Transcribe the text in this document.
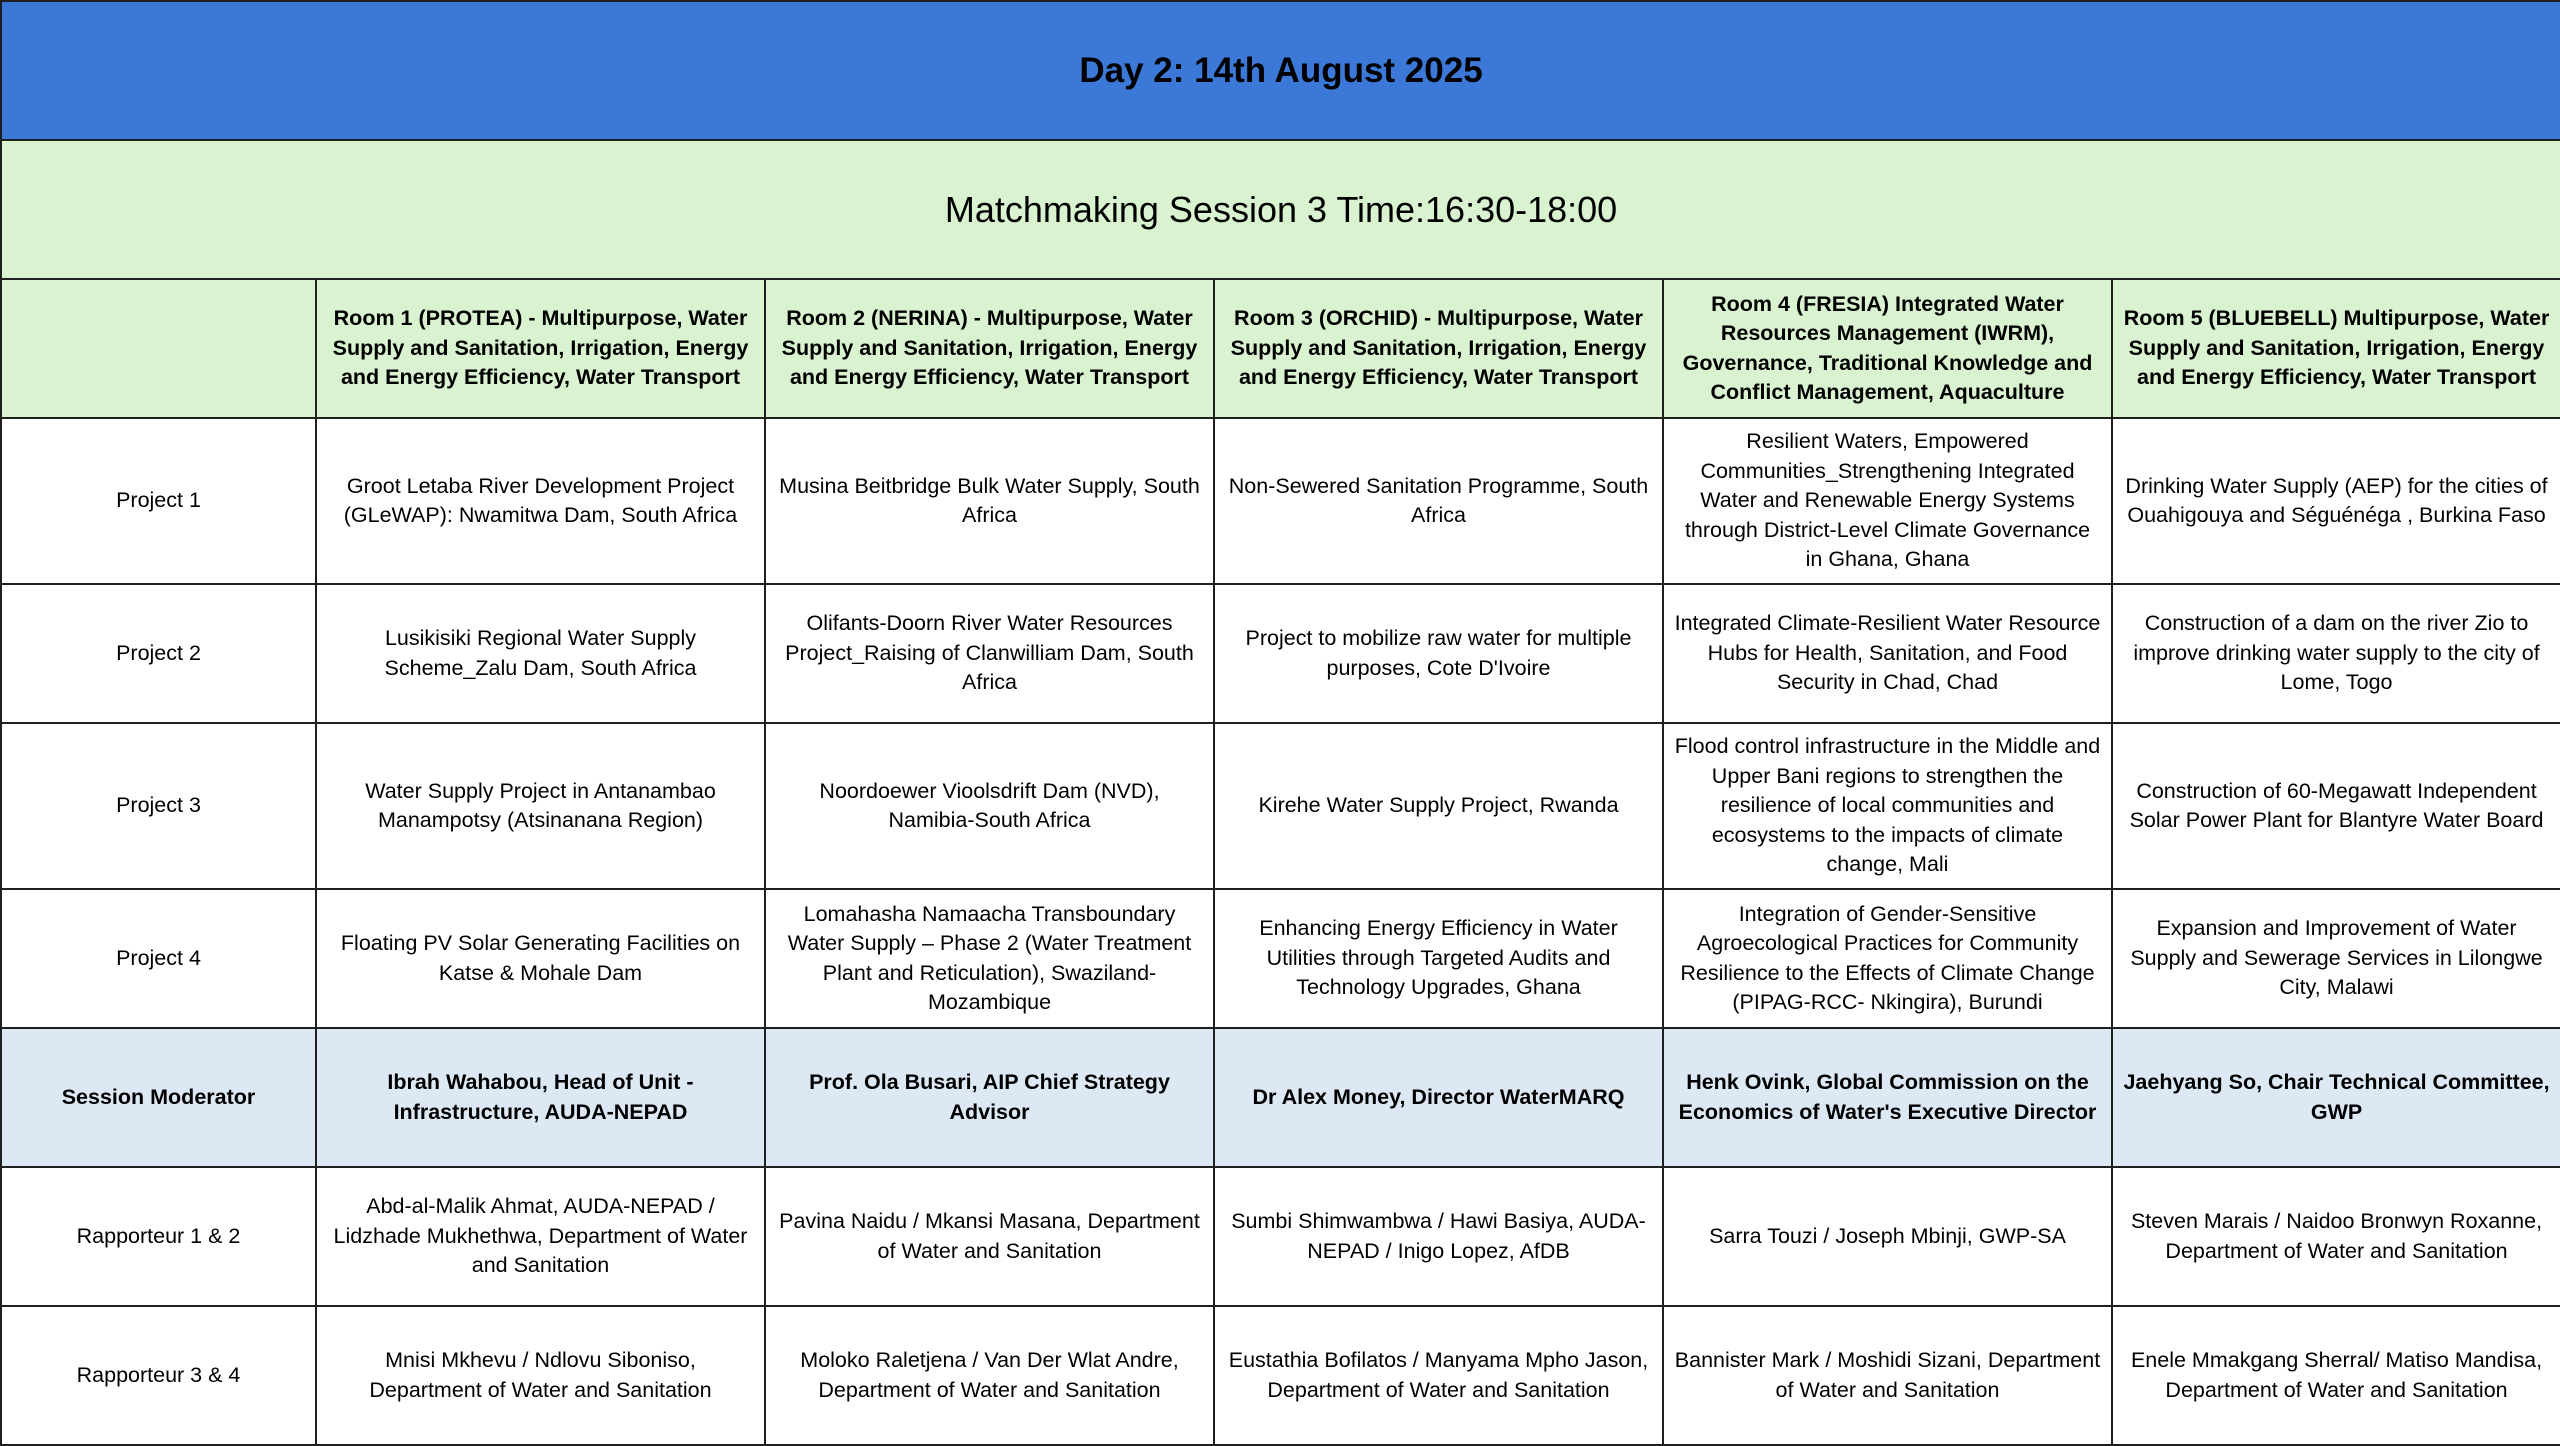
Day 2: 14th August 2025					
Matchmaking Session 3 Time:16:30-18:00					
	Room 1 (PROTEA) - Multipurpose, Water Supply and Sanitation, Irrigation, Energy and Energy Efficiency, Water Transport	Room 2 (NERINA) - Multipurpose, Water Supply and Sanitation, Irrigation, Energy and Energy Efficiency, Water Transport	Room 3 (ORCHID) - Multipurpose, Water Supply and Sanitation, Irrigation, Energy and Energy Efficiency, Water Transport	Room 4 (FRESIA) Integrated Water Resources Management (IWRM), Governance, Traditional Knowledge and Conflict Management, Aquaculture	Room 5 (BLUEBELL) Multipurpose, Water Supply and Sanitation, Irrigation, Energy and Energy Efficiency, Water Transport
Project 1	Groot Letaba River Development Project (GLeWAP): Nwamitwa Dam, South Africa	Musina Beitbridge Bulk Water Supply, South Africa	Non-Sewered Sanitation Programme, South Africa	Resilient Waters, Empowered Communities_Strengthening Integrated Water and Renewable Energy Systems through District-Level Climate Governance in Ghana, Ghana	Drinking Water Supply (AEP) for the cities of Ouahigouya and Séguénéga , Burkina Faso
Project 2	Lusikisiki Regional Water Supply Scheme_Zalu Dam, South Africa	Olifants-Doorn River Water Resources Project_Raising of Clanwilliam Dam, South Africa	Project to mobilize raw water for multiple purposes, Cote D'Ivoire	Integrated Climate-Resilient Water Resource Hubs for Health, Sanitation, and Food Security in Chad, Chad	Construction of a dam on the river Zio to improve drinking water supply to the city of Lome, Togo
Project 3	Water Supply Project in Antanambao Manampotsy (Atsinanana Region)	Noordoewer Vioolsdrift Dam (NVD), Namibia-South Africa	Kirehe Water Supply Project, Rwanda	Flood control infrastructure in the Middle and Upper Bani regions to strengthen the resilience of local communities and ecosystems to the impacts of climate change, Mali	Construction of 60-Megawatt Independent Solar Power Plant for Blantyre Water Board
Project 4	Floating PV Solar Generating Facilities on Katse & Mohale Dam	Lomahasha Namaacha Transboundary Water Supply – Phase 2 (Water Treatment Plant and Reticulation), Swaziland-Mozambique	Enhancing Energy Efficiency in Water Utilities through Targeted Audits and Technology Upgrades, Ghana	Integration of Gender-Sensitive Agroecological Practices for Community Resilience to the Effects of Climate Change (PIPAG-RCC- Nkingira), Burundi	Expansion and Improvement of Water Supply and Sewerage Services in Lilongwe City, Malawi
Session Moderator	Ibrah Wahabou, Head of Unit - Infrastructure, AUDA-NEPAD	Prof. Ola Busari, AIP Chief Strategy Advisor	Dr Alex Money, Director WaterMARQ	Henk Ovink, Global Commission on the Economics of Water's Executive Director	Jaehyang So, Chair Technical Committee, GWP
Rapporteur 1 & 2	Abd-al-Malik Ahmat, AUDA-NEPAD / Lidzhade Mukhethwa, Department of Water and Sanitation	Pavina Naidu / Mkansi Masana, Department of Water and Sanitation	Sumbi Shimwambwa / Hawi Basiya, AUDA-NEPAD / Inigo Lopez, AfDB	Sarra Touzi / Joseph Mbinji, GWP-SA	Steven Marais / Naidoo Bronwyn Roxanne, Department of Water and Sanitation
Rapporteur 3 & 4	Mnisi Mkhevu / Ndlovu Siboniso, Department of Water and Sanitation	Moloko Raletjena / Van Der Wlat Andre, Department of Water and Sanitation	Eustathia Bofilatos / Manyama Mpho Jason, Department of Water and Sanitation	Bannister Mark / Moshidi Sizani, Department of Water and Sanitation	Enele Mmakgang Sherral/ Matiso Mandisa, Department of Water and Sanitation
